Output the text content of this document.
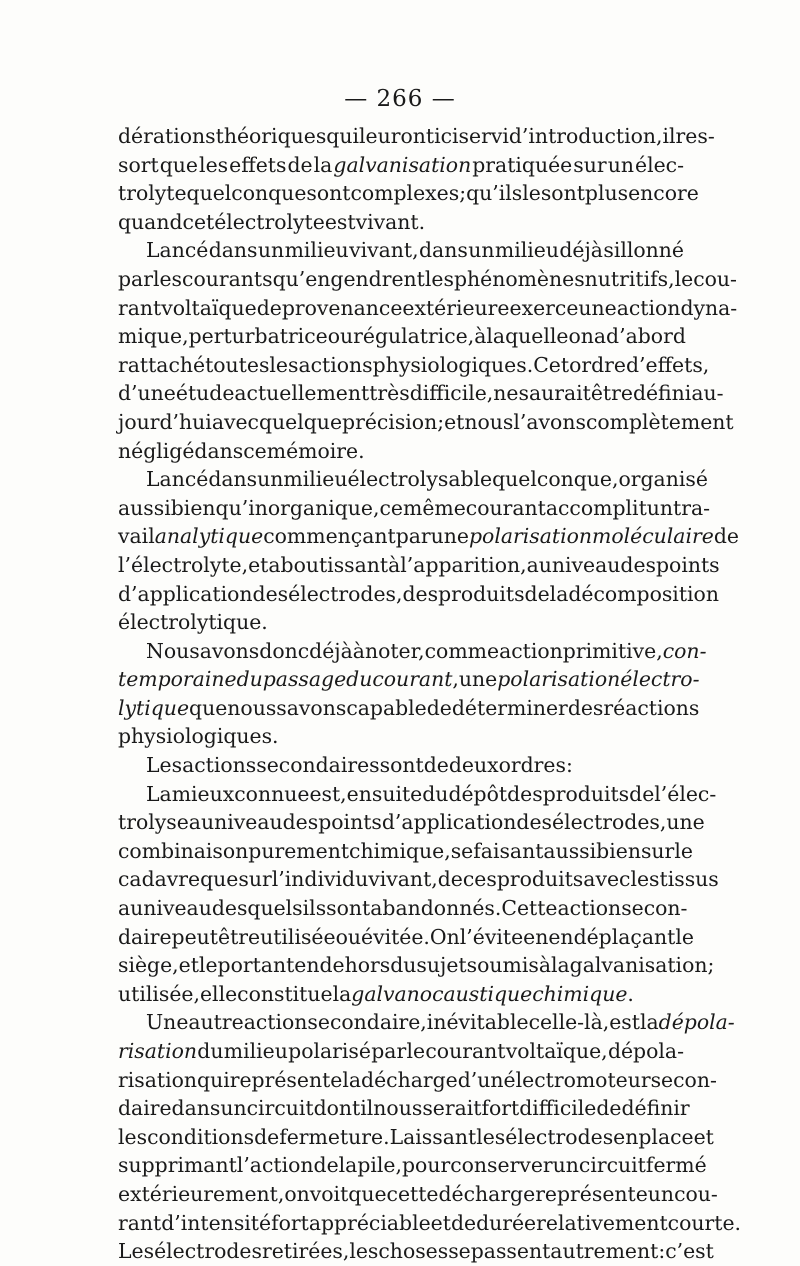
— 266 —
dérations théoriques qui leur ont ici servi d’introduction, il res-
sort que les effets de la galvanisation pratiquée sur un élec-
trolyte quelconque sont complexes ; qu’ils le sont plus encore
quand cet électrolyte est vivant.
Lancé dans un milieu vivant, dans un milieu déjà sillonné
par les courants qu’engendrent les phénomènes nutritifs, le cou-
rant voltaïque de provenance extérieure exerce une action dyna-
mique, perturbatrice ou régulatrice, à laquelle on a d’abord
rattaché toutes les actions physiologiques. Cet ordre d’effets,
d’une étude actuellement très difficile, ne saurait être défini au-
jourd’hui avec quelque précision ; et nous l’avons complètement
négligé dans ce mémoire.
Lancé dans un milieu électrolysable quelconque, organisé
aussi bien qu’inorganique, ce même courant accomplit un tra-
vail analytique commençant par une polarisation moléculaire de
l’électrolyte, et aboutissant à l’apparition, au niveau des points
d’application des électrodes, des produits de la décomposition
électrolytique.
Nous avons donc déjà à noter, comme action primitive, con-
temporaine du passage du courant, une polarisation électro-
lytique que nous savons capable de déterminer des réactions
physiologiques.
Les actions secondaires sont de deux ordres :
La mieux connue est, ensuite du dépôt des produits de l’élec-
trolyse au niveau des points d’application des électrodes, une
combinaison purement chimique, se faisant aussi bien sur le
cadavre que sur l’individu vivant, de ces produits avec les tissus
au niveau desquels ils sont abandonnés. Cette action secon-
daire peut être utilisée ou évitée. On l’évite en en déplaçant le
siège, et le portant en dehors du sujet soumis à la galvanisation ;
utilisée, elle constitue la galvanocaustique chimique.
Une autre action secondaire, inévitable celle-là, est la dépola-
risation du milieu polarisé par le courant voltaïque, dépola-
risation qui représente la décharge d’un électromoteur secon-
daire dans un circuit dont il nous serait fort difficile de définir
les conditions de fermeture. Laissant les électrodes en place et
supprimant l’action de la pile, pour conserver un circuit fermé
extérieurement, on voit que cette décharge représente un cou-
rant d’intensité fort appréciable et de durée relativement courte.
Les électrodes retirées, les choses se passent autrement : c’est
